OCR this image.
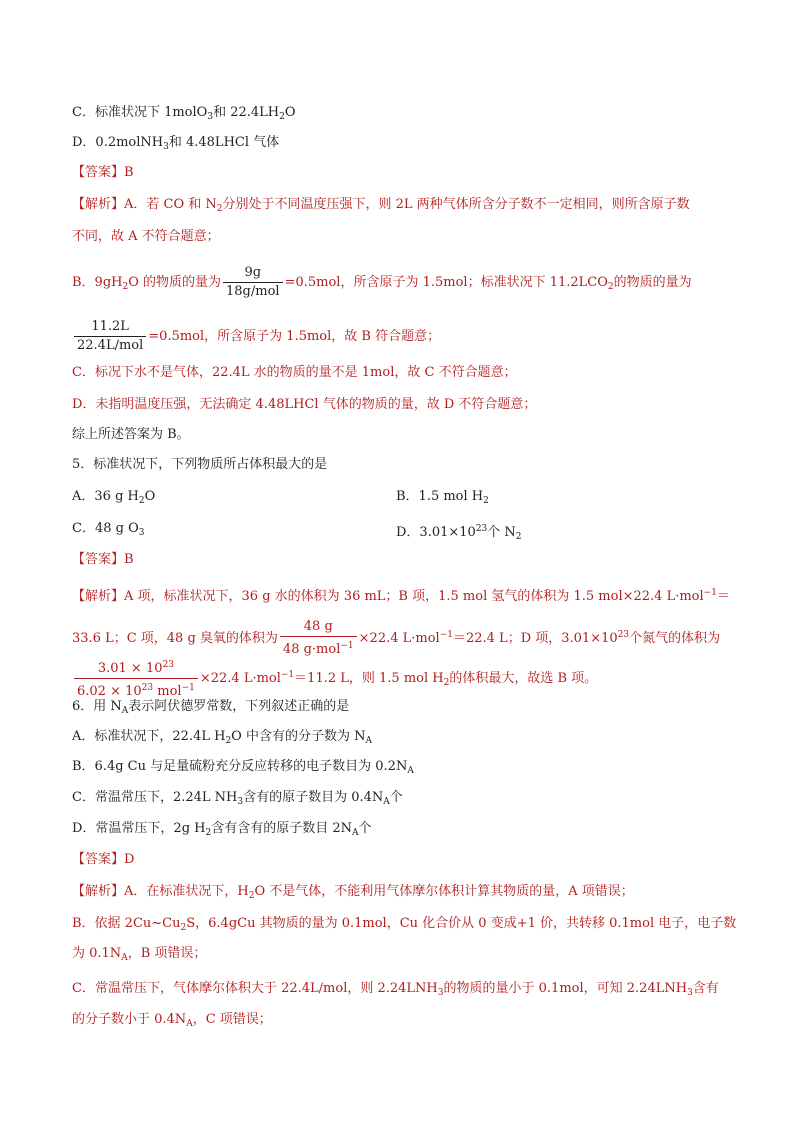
C．标准状况下 1molO$_3$和 $22.4LH_2O$
D．0.2molNH$_3$和 4.48LHCl 气体
【答案】B
【解析】A．若 CO 和 $N_2$分别处于不同温度压强下，则 2L 两种气体所含分子数不一定相同，则所含原子数
不同，故 A 不符合题意；
B．$9gH_2O$ 的物质的量为 $\frac{9g}{\text{18g/mol}} =0.5mol$，所含原子为 1.5mol；标准状况下 $11.2LCO_2$的物质的量为
$\frac{11.2L}{\text{22.4L/mol}} =0.5mol$，所含原子为 1.5mol，故 B 符合题意；
C．标况下水不是气体，22.4L 水的物质的量不是 1mol，故 C 不符合题意；
D．未指明温度压强，无法确定 4.48LHCl 气体的物质的量，故 D 不符合题意；
综上所述答案为 B。
5．标准状况下，下列物质所占体积最大的是
A．36 g $H_2O$	B．1.5 mol $H_2$
C．48 g $O_3$	D．$3.01\times 10^{23}$个 $N_2$
【答案】B
【解析】A 项，标准状况下，36 g 水的体积为 36 mL；B 项，1.5 mol 氢气的体积为 1.5 mol×22.4 L·mol$^{-1}$＝
33.6 L；C 项，48 g 臭氧的体积为 $\frac{48 g}{48 g\cdot mol^{-1}} \times 22.4$ L·mol$^{-1}$＝22.4 L；D 项，$3.01\times 10^{23}$个氮气的体积为
$\frac{3.01 \times 10^{23}}{6.02 \times 10^{23} mol^{-1}} \times 22.4$ L·mol$^{-1}$＝11.2 L，则 1.5 mol $H_2$的体积最大，故选 B 项。
6．用 $N_A$表示阿伏德罗常数，下列叙述正确的是
A．标准状况下，22.4L $H_2O$ 中含有的分子数为 $N_A$
B．6.4g Cu 与足量硫粉充分反应转移的电子数目为 $0.2N_A$
C．常温常压下，2.24L $NH_3$含有的原子数目为 $0.4N_A$个
D．常温常压下，2g $H_2$含有含有的原子数目 $2N_A$个
【答案】D
【解析】A．在标准状况下，$H_2O$ 不是气体，不能利用气体摩尔体积计算其物质的量，A 项错误；
B．依据 $2Cu\sim Cu_2S$，6.4gCu 其物质的量为 0.1mol，Cu 化合价从 0 变成+1 价，共转移 0.1mol 电子，电子数
为 $0.1N_A$，B 项错误；
C．常温常压下，气体摩尔体积大于 22.4L/mol，则 $2.24LNH_3$的物质的量小于 0.1mol，可知 $2.24LNH_3$含有
的分子数小于 $0.4N_A$，C 项错误；
